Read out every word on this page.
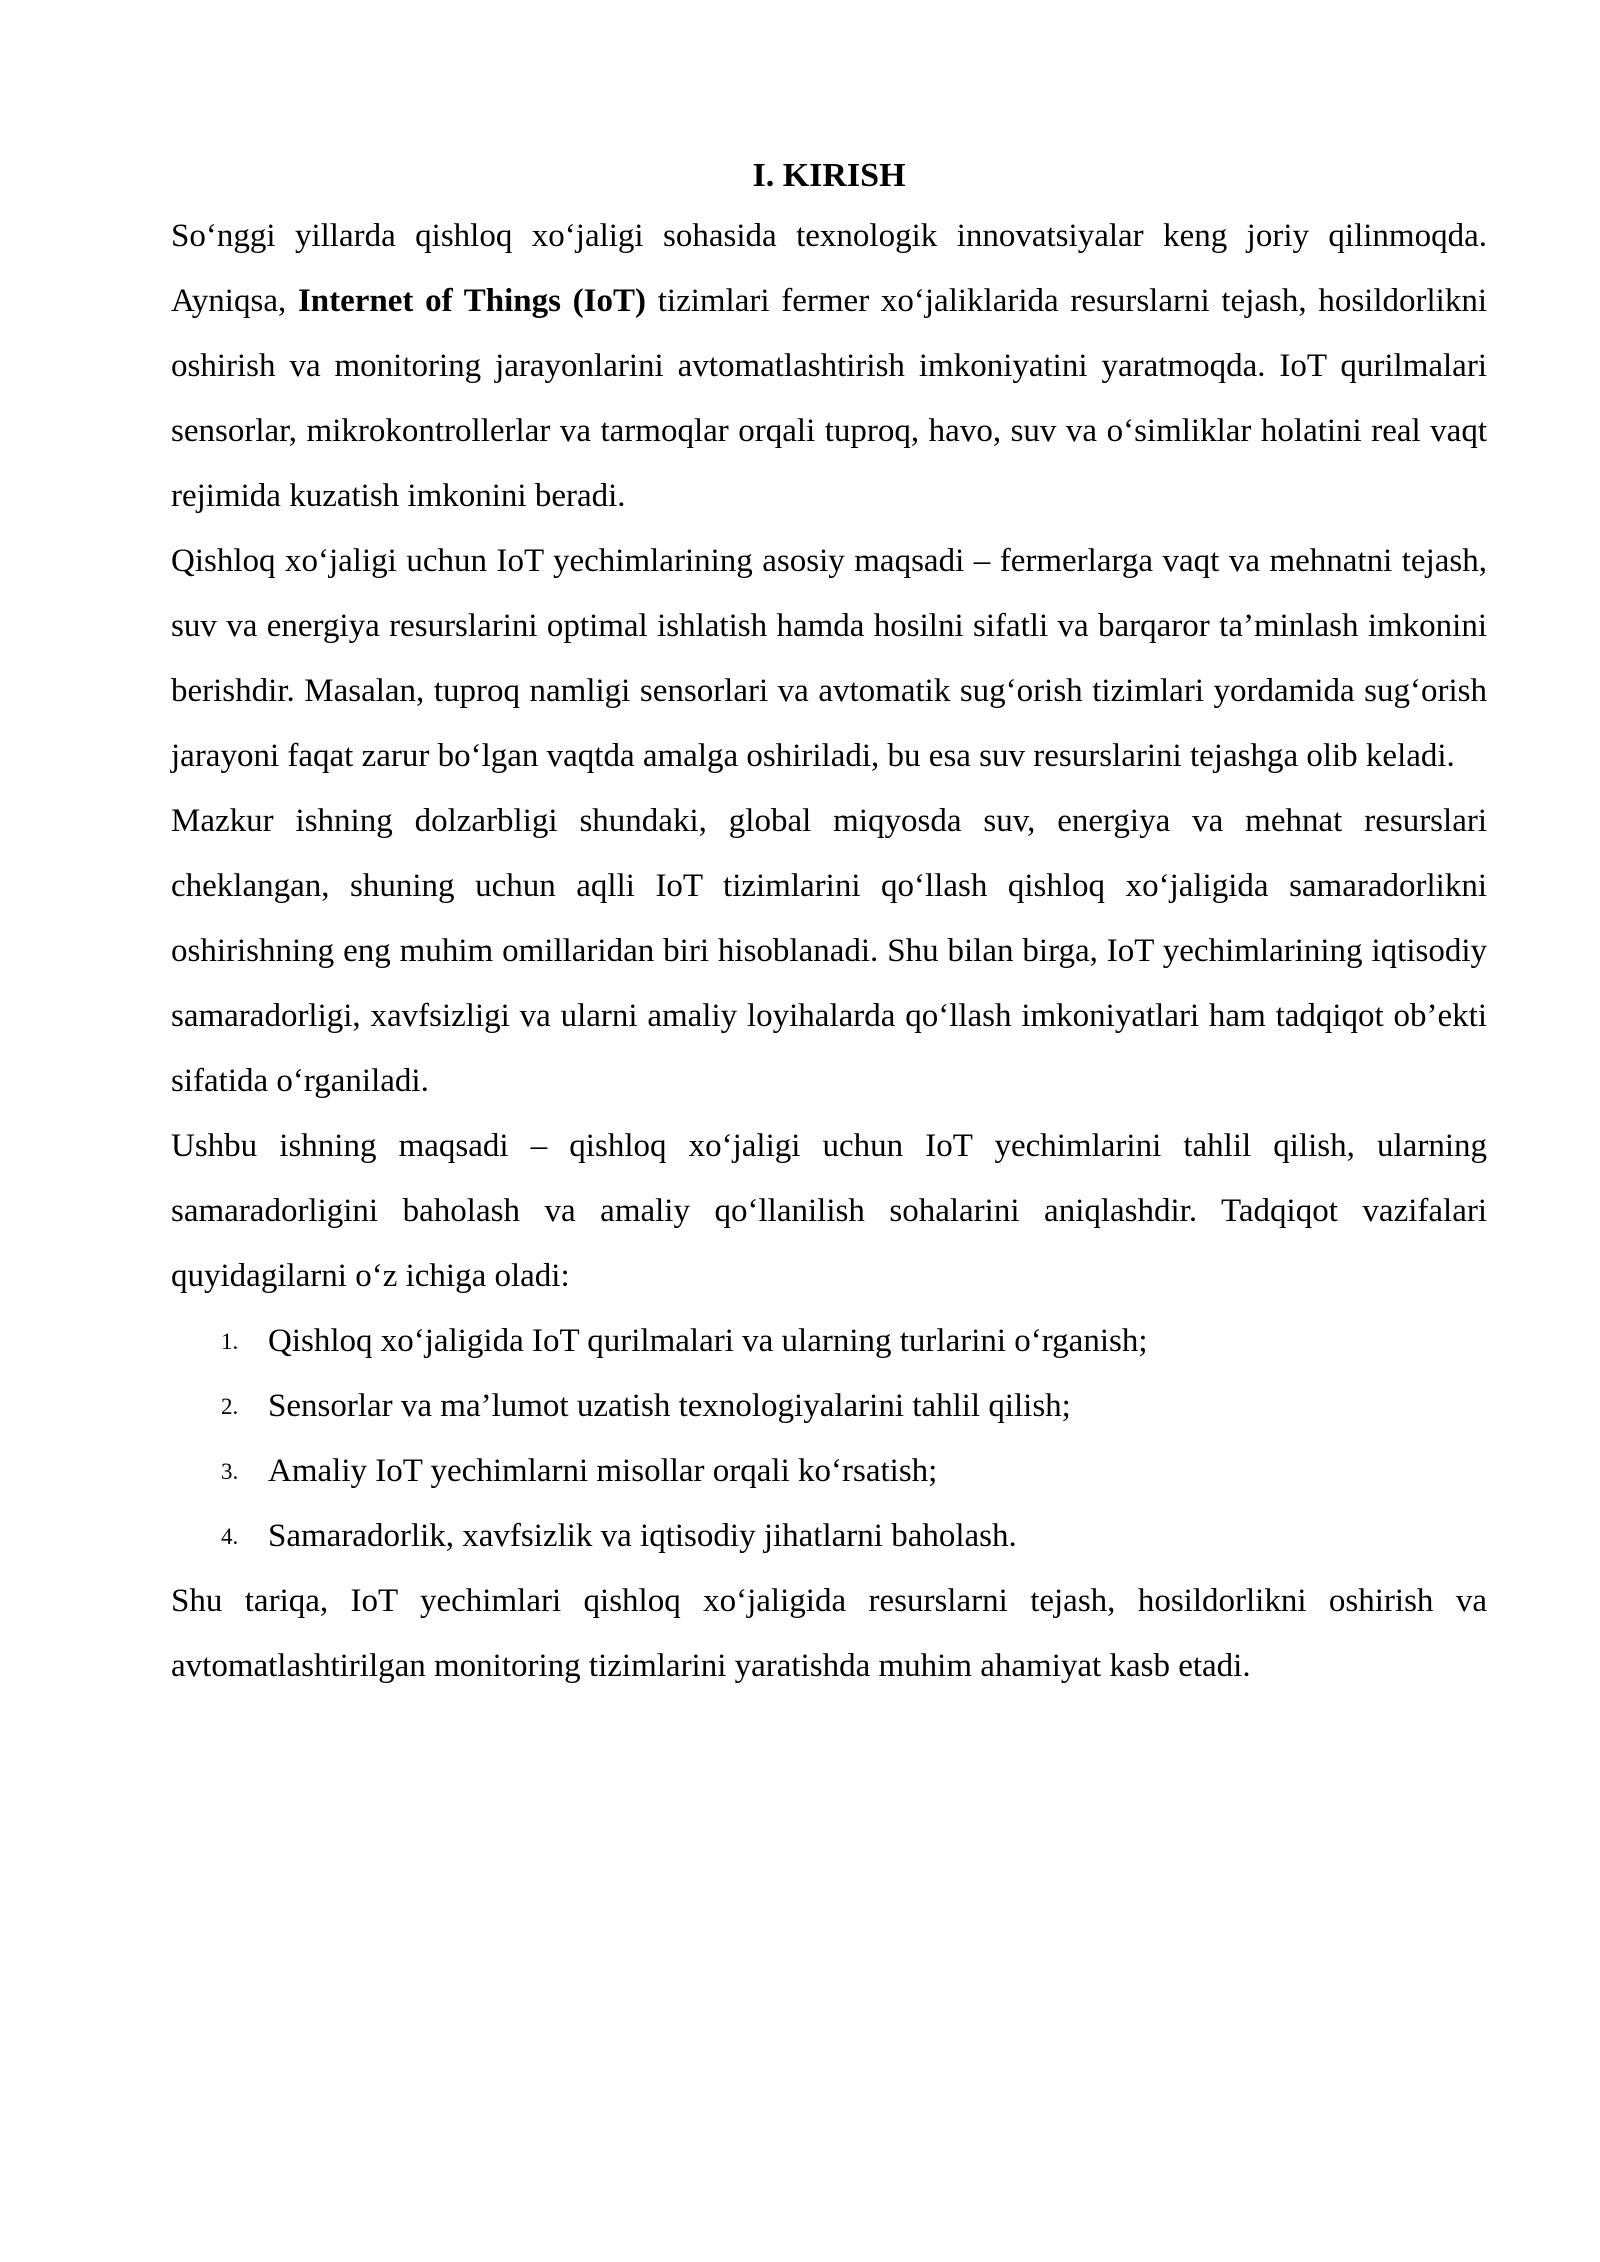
I. KIRISH

So‘nggi yillarda qishloq xo‘jaligi sohasida texnologik innovatsiyalar keng joriy qilinmoqda. Ayniqsa, Internet of Things (IoT) tizimlari fermer xo‘jaliklarida resurslarni tejash, hosildorlikni oshirish va monitoring jarayonlarini avtomatlashtirish imkoniyatini yaratmoqda. IoT qurilmalari sensorlar, mikrokontrollerlar va tarmoqlar orqali tuproq, havo, suv va o‘simliklar holatini real vaqt rejimida kuzatish imkonini beradi.

Qishloq xo‘jaligi uchun IoT yechimlarining asosiy maqsadi – fermerlarga vaqt va mehnatni tejash, suv va energiya resurslarini optimal ishlatish hamda hosilni sifatli va barqaror ta’minlash imkonini berishdir. Masalan, tuproq namligi sensorlari va avtomatik sug‘orish tizimlari yordamida sug‘orish jarayoni faqat zarur bo‘lgan vaqtda amalga oshiriladi, bu esa suv resurslarini tejashga olib keladi.

Mazkur ishning dolzarbligi shundaki, global miqyosda suv, energiya va mehnat resurslari cheklangan, shuning uchun aqlli IoT tizimlarini qo‘llash qishloq xo‘jaligida samaradorlikni oshirishning eng muhim omillaridan biri hisoblanadi. Shu bilan birga, IoT yechimlarining iqtisodiy samaradorligi, xavfsizligi va ularni amaliy loyihalarda qo‘llash imkoniyatlari ham tadqiqot ob’ekti sifatida o‘rganiladi.

Ushbu ishning maqsadi – qishloq xo‘jaligi uchun IoT yechimlarini tahlil qilish, ularning samaradorligini baholash va amaliy qo‘llanilish sohalarini aniqlashdir. Tadqiqot vazifalari quyidagilarni o‘z ichiga oladi:

1. Qishloq xo‘jaligida IoT qurilmalari va ularning turlarini o‘rganish;
2. Sensorlar va ma’lumot uzatish texnologiyalarini tahlil qilish;
3. Amaliy IoT yechimlarni misollar orqali ko‘rsatish;
4. Samaradorlik, xavfsizlik va iqtisodiy jihatlarni baholash.

Shu tariqa, IoT yechimlari qishloq xo‘jaligida resurslarni tejash, hosildorlikni oshirish va avtomatlashtirilgan monitoring tizimlarini yaratishda muhim ahamiyat kasb etadi.
